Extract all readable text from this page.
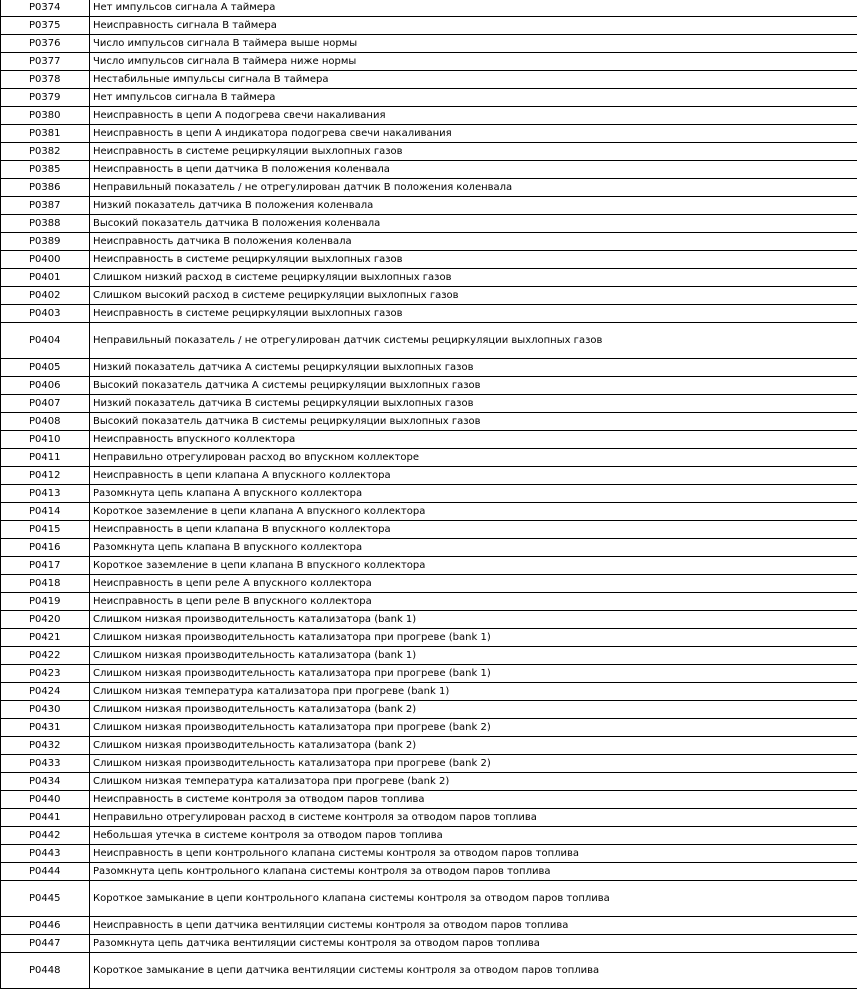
P0374	Нет импульсов сигнала А таймера
P0375	Неисправность сигнала В таймера
P0376	Число импульсов сигнала В таймера выше нормы
P0377	Число импульсов сигнала В таймера ниже нормы
P0378	Нестабильные импульсы сигнала В таймера
P0379	Нет импульсов сигнала В таймера
P0380	Неисправность в цепи А подогрева свечи накаливания
P0381	Неисправность в цепи А индикатора подогрева свечи накаливания
P0382	Неисправность в системе рециркуляции выхлопных газов
P0385	Неисправность в цепи датчика В положения коленвала
P0386	Неправильный показатель / не отрегулирован датчик В положения коленвала
P0387	Низкий показатель датчика В положения коленвала
P0388	Высокий показатель датчика В положения коленвала
P0389	Неисправность датчика В положения коленвала
P0400	Неисправность в системе рециркуляции выхлопных газов
P0401	Слишком низкий расход в системе рециркуляции выхлопных газов
P0402	Слишком высокий расход в системе рециркуляции выхлопных газов
P0403	Неисправность в системе рециркуляции выхлопных газов
P0404	Неправильный показатель / не отрегулирован датчик системы рециркуляции выхлопных газов
P0405	Низкий показатель датчика А системы рециркуляции выхлопных газов
P0406	Высокий показатель датчика А системы рециркуляции выхлопных газов
P0407	Низкий показатель датчика В системы рециркуляции выхлопных газов
P0408	Высокий показатель датчика В системы рециркуляции выхлопных газов
P0410	Неисправность впускного коллектора
P0411	Неправильно отрегулирован расход во впускном коллекторе
P0412	Неисправность в цепи клапана А впускного коллектора
P0413	Разомкнута цепь клапана А впускного коллектора
P0414	Короткое заземление в цепи клапана А впускного коллектора
P0415	Неисправность в цепи клапана В впускного коллектора
P0416	Разомкнута цепь клапана В впускного коллектора
P0417	Короткое заземление в цепи клапана В впускного коллектора
P0418	Неисправность в цепи реле А впускного коллектора
P0419	Неисправность в цепи реле В впускного коллектора
P0420	Слишком низкая производительность катализатора (bank 1)
P0421	Слишком низкая производительность катализатора при прогреве (bank 1)
P0422	Слишком низкая производительность катализатора (bank 1)
P0423	Слишком низкая производительность катализатора при прогреве (bank 1)
P0424	Слишком низкая температура катализатора при прогреве (bank 1)
P0430	Слишком низкая производительность катализатора (bank 2)
P0431	Слишком низкая производительность катализатора при прогреве (bank 2)
P0432	Слишком низкая производительность катализатора (bank 2)
P0433	Слишком низкая производительность катализатора при прогреве (bank 2)
P0434	Слишком низкая температура катализатора при прогреве (bank 2)
P0440	Неисправность в системе контроля за отводом паров топлива
P0441	Неправильно отрегулирован расход в системе контроля за отводом паров топлива
P0442	Небольшая утечка в системе контроля за отводом паров топлива
P0443	Неисправность в цепи контрольного клапана системы контроля за отводом паров топлива
P0444	Разомкнута цепь контрольного клапана системы контроля за отводом паров топлива
P0445	Короткое замыкание в цепи контрольного клапана системы контроля за отводом паров топлива
P0446	Неисправность в цепи датчика вентиляции системы контроля за отводом паров топлива
P0447	Разомкнута цепь датчика вентиляции системы контроля за отводом паров топлива
P0448	Короткое замыкание в цепи датчика вентиляции системы контроля за отводом паров топлива
